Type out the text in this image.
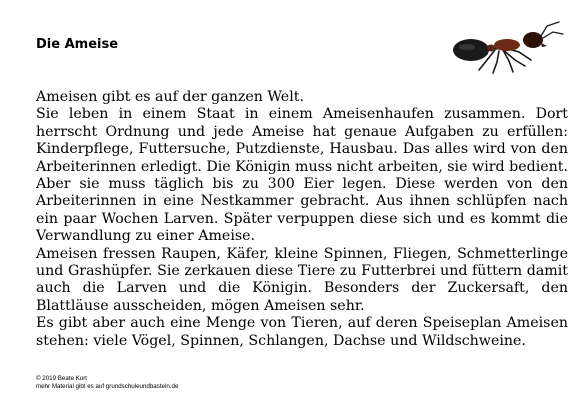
Die Ameise

Ameisen gibt es auf der ganzen Welt.

Sie leben in einem Staat in einem Ameisenhaufen zusammen. Dort herrscht Ordnung und jede Ameise hat genaue Aufgaben zu erfüllen: Kinderpflege, Futtersuche, Putzdienste, Hausbau. Das alles wird von den Arbeiterinnen erledigt. Die Königin muss nicht arbeiten, sie wird bedient. Aber sie muss täglich bis zu 300 Eier legen. Diese werden von den Arbeiterinnen in eine Nestkammer gebracht. Aus ihnen schlüpfen nach ein paar Wochen Larven. Später verpuppen diese sich und es kommt die Verwandlung zu einer Ameise.

Ameisen fressen Raupen, Käfer, kleine Spinnen, Fliegen, Schmetterlinge und Grashüpfer. Sie zerkauen diese Tiere zu Futterbrei und füttern damit auch die Larven und die Königin. Besonders der Zuckersaft, den Blattläuse ausscheiden, mögen Ameisen sehr.

Es gibt aber auch eine Menge von Tieren, auf deren Speiseplan Ameisen stehen: viele Vögel, Spinnen, Schlangen, Dachse und Wildschweine.

© 2019 Beate Kurt
mehr Material gibt es auf grundschuleundbasteln.de
